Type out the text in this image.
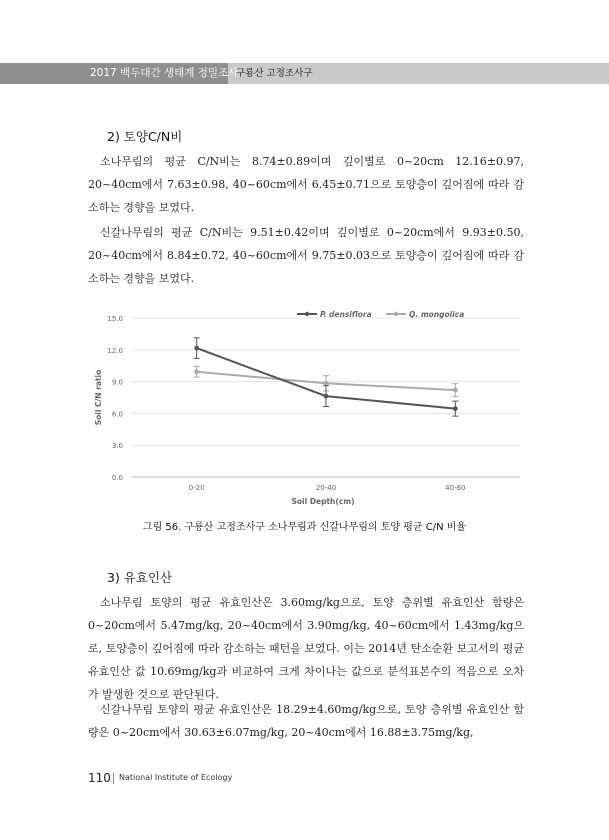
2017 백두대간 생태계 정밀조사
구룡산 고정조사구
2) 토양C/N비
소나무림의 평균 C/N비는 8.74±0.89이며 깊이별로 0~20cm 12.16±0.97, 20~40cm에서 7.63±0.98, 40~60cm에서 6.45±0.71으로 토양층이 깊어짐에 따라 감소하는 경향을 보였다.
신갈나무림의 평균 C/N비는 9.51±0.42이며 깊이별로 0~20cm에서 9.93±0.50, 20~40cm에서 8.84±0.72, 40~60cm에서 9.75±0.03으로 토양층이 깊어짐에 따라 감소하는 경향을 보였다.
0.0
3.0
6.0
9.0
12.0
15.0
0-20	20-40	40-60
Soil Depth(cm)
Soil C/N ratio
P. densiflora	Q. mongolica
그림 56. 구룡산 고정조사구 소나무림과 신갈나무림의 토양 평균 C/N 비율
3) 유효인산
소나무림 토양의 평균 유효인산은 3.60mg/kg으로, 토양 층위별 유효인산 함량은 0~20cm에서 5.47mg/kg, 20~40cm에서 3.90mg/kg, 40~60cm에서 1.43mg/kg으로, 토양층이 깊어짐에 따라 감소하는 패턴을 보였다. 이는 2014년 탄소순환 보고서의 평균 유효인산 값 10.69mg/kg과 비교하여 크게 차이나는 값으로 분석표본수의 적음으로 오차가 발생한 것으로 판단된다.
신갈나무림 토양의 평균 유효인산은 18.29±4.60mg/kg으로, 토양 층위별 유효인산 함량은 0~20cm에서 30.63±6.07mg/kg, 20~40cm에서 16.88±3.75mg/kg,
110 National Institute of Ecology
